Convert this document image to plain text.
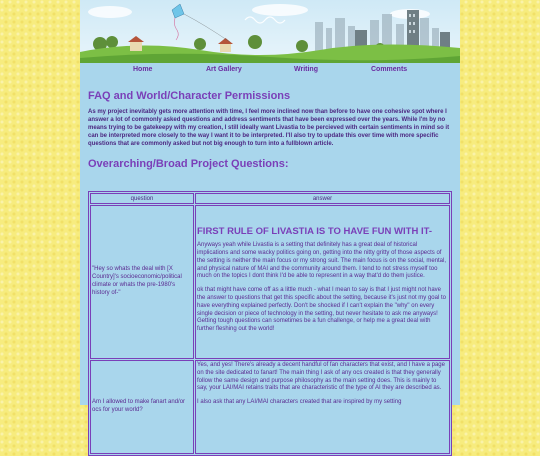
Home	Art Gallery	Writing	Comments
FAQ and World/Character Permissions

As my project inevitably gets more attention with time, I feel more inclined now than before to have one cohesive spot where I answer a lot of commonly asked questions and address sentiments that have been expressed over the years. While I'm by no means trying to be gatekeepy with my creation, I still ideally want Livastia to be percieved with certain sentiments in mind so it can be interpreted more closely to the way I want it to be interpreted. I'll also try to update this over time with more specific questions that are commonly asked but not big enough to turn into a fullblown article.

Overarching/Broad Project Questions:
question	answer
"Hey so whats the deal with [X Country]'s socioeconomic/political climate or whats the pre-1980's history of-"	FIRST RULE OF LIVASTIA IS TO HAVE FUN WITH IT-

Anyways yeah while Livastia is a setting that definitely has a great deal of historical implications and some wacky politics going on, getting into the nitty gritty of those aspects of the setting is neither the main focus or my strong suit. The main focus is on the social, mental, and physical nature of MAI and the community around them. I tend to not stress myself too much on the topics I dont think I'd be able to represent in a way that'd do them justice.

ok that might have come off as a little much - what I mean to say is that I just might not have the answer to questions that get this specific about the setting, because it's just not my goal to have everything explained perfectly. Don't be shocked if I can't explain the "why" on every single decision or piece of technology in the setting, but never hesitate to ask me anyways! Getting tough questions can sometimes be a fun challenge, or help me a great deal with further fleshing out the world!

Am I allowed to make fanart and/or ocs for your world?	Yes, and yes! There's already a decent handful of fan characters that exist, and I have a page on the site dedicated to fanart! The main thing I ask of any ocs created is that they generally follow the same design and purpose philosophy as the main setting does. This is mainly to say, your LAI/MAI retains traits that are characteristic of the type of AI they are described as.

I also ask that any LAI/MAI characters created that are inspired by my setting
